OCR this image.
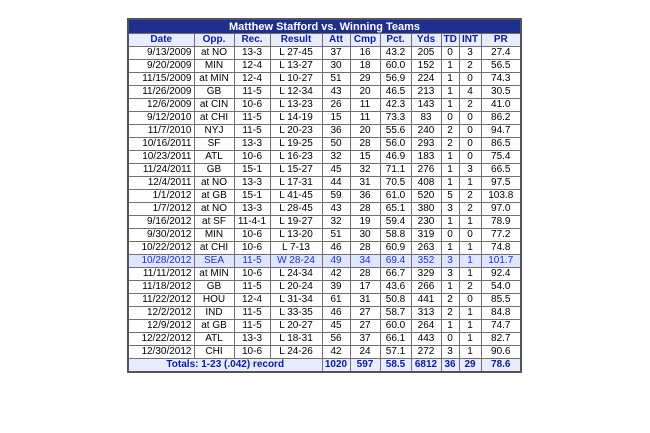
Matthew Stafford vs. Winning Teams										
Date	Opp.	Rec.	Result	Att	Cmp	Pct.	Yds	TD	INT	PR
9/13/2009	at NO	13-3	L 27-45	37	16	43.2	205	0	3	27.4
9/20/2009	MIN	12-4	L 13-27	30	18	60.0	152	1	2	56.5
11/15/2009	at MIN	12-4	L 10-27	51	29	56.9	224	1	0	74.3
11/26/2009	GB	11-5	L 12-34	43	20	46.5	213	1	4	30.5
12/6/2009	at CIN	10-6	L 13-23	26	11	42.3	143	1	2	41.0
9/12/2010	at CHI	11-5	L 14-19	15	11	73.3	83	0	0	86.2
11/7/2010	NYJ	11-5	L 20-23	36	20	55.6	240	2	0	94.7
10/16/2011	SF	13-3	L 19-25	50	28	56.0	293	2	0	86.5
10/23/2011	ATL	10-6	L 16-23	32	15	46.9	183	1	0	75.4
11/24/2011	GB	15-1	L 15-27	45	32	71.1	276	1	3	66.5
12/4/2011	at NO	13-3	L 17-31	44	31	70.5	408	1	1	97.5
1/1/2012	at GB	15-1	L 41-45	59	36	61.0	520	5	2	103.8
1/7/2012	at NO	13-3	L 28-45	43	28	65.1	380	3	2	97.0
9/16/2012	at SF	11-4-1	L 19-27	32	19	59.4	230	1	1	78.9
9/30/2012	MIN	10-6	L 13-20	51	30	58.8	319	0	0	77.2
10/22/2012	at CHI	10-6	L 7-13	46	28	60.9	263	1	1	74.8
10/28/2012	SEA	11-5	W 28-24	49	34	69.4	352	3	1	101.7
11/11/2012	at MIN	10-6	L 24-34	42	28	66.7	329	3	1	92.4
11/18/2012	GB	11-5	L 20-24	39	17	43.6	266	1	2	54.0
11/22/2012	HOU	12-4	L 31-34	61	31	50.8	441	2	0	85.5
12/2/2012	IND	11-5	L 33-35	46	27	58.7	313	2	1	84.8
12/9/2012	at GB	11-5	L 20-27	45	27	60.0	264	1	1	74.7
12/22/2012	ATL	13-3	L 18-31	56	37	66.1	443	0	1	82.7
12/30/2012	CHI	10-6	L 24-26	42	24	57.1	272	3	1	90.6
Totals: 1-23 (.042) record				1020	597	58.5	6812	36	29	78.6
